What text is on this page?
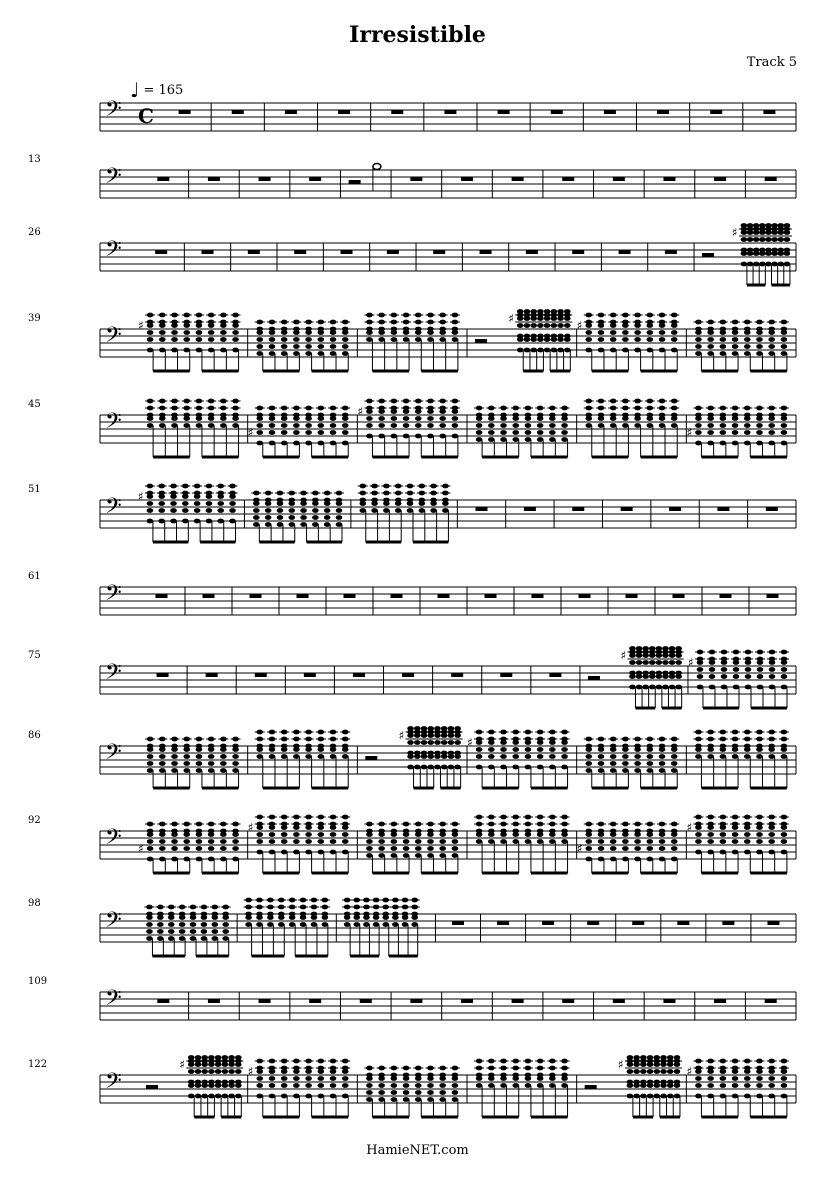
Irresistible
Track 5
♩ = 165
HamieNET.com
𝄢 C
𝄢
13
𝄢
26	♯
𝄢
39	♯	♯	♯
𝄢
45
♯
♯
♯
𝄢
51	♯
𝄢
61
𝄢
75	♯	♯
𝄢
86	♯	♯
𝄢
92
♯
♯
♯
♯
𝄢
98
𝄢
109
𝄢
122	♯	♯	♯	♯
